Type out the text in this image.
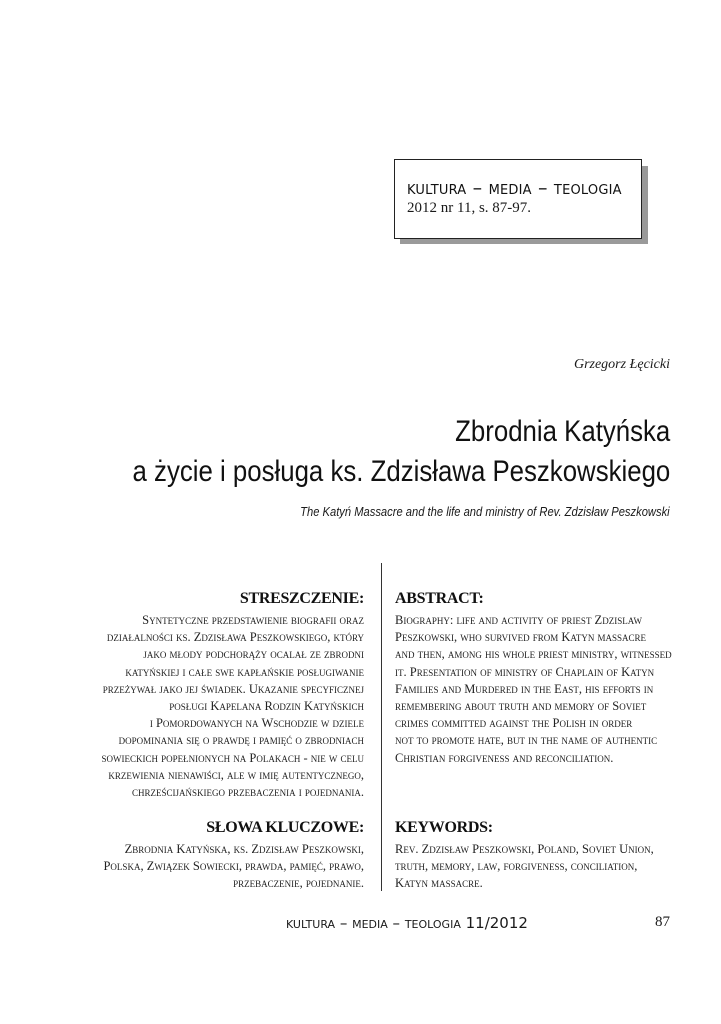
kultura – media – teologia
2012 nr 11, s. 87-97.
Grzegorz Łęcicki
Zbrodnia Katyńska
a życie i posługa ks. Zdzisława Peszkowskiego
The Katyń Massacre and the life and ministry of Rev. Zdzisław Peszkowski
STRESZCZENIE:

Syntetyczne przedstawienie biografii oraz

działalności ks. Zdzisława Peszkowskiego, który

jako młody podchorąży ocalał ze zbrodni

katyńskiej i całe swe kapłańskie posługiwanie

przeżywał jako jej świadek. Ukazanie specyficznej

posługi Kapelana Rodzin Katyńskich

i Pomordowanych na Wschodzie w dziele

dopominania się o prawdę i pamięć o zbrodniach

sowieckich popełnionych na Polakach - nie w celu

krzewienia nienawiści, ale w imię autentycznego,

chrześcijańskiego przebaczenia i pojednania.

ABSTRACT:

Biography: life and activity of priest Zdzislaw

Peszkowski, who survived from Katyn massacre

and then, among his whole priest ministry, witnessed

it. Presentation of ministry of Chaplain of Katyn

Families and Murdered in the East, his efforts in

remembering about truth and memory of Soviet

crimes committed against the Polish in order

not to promote hate, but in the name of authentic

Christian forgiveness and reconciliation.

SŁOWA KLUCZOWE:

Zbrodnia Katyńska, ks. Zdzisław Peszkowski,

Polska, Związek Sowiecki, prawda, pamięć, prawo,

przebaczenie, pojednanie.

KEYWORDS:

Rev. Zdzisław Peszkowski, Poland, Soviet Union,

truth, memory, law, forgiveness, conciliation,

Katyn massacre.

kultura – media – teologia 11/2012	87
